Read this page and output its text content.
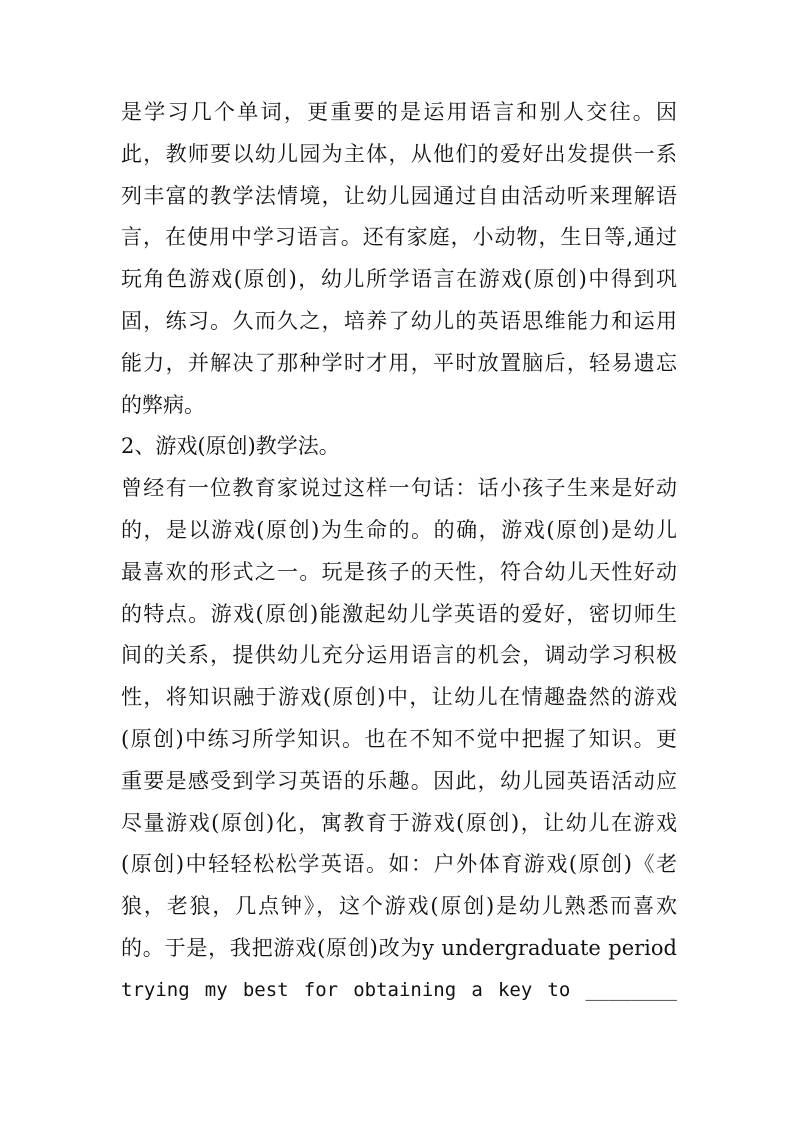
是学习几个单词，更重要的是运用语言和别人交往。因
此，教师要以幼儿园为主体，从他们的爱好出发提供一系
列丰富的教学法情境，让幼儿园通过自由活动听来理解语
言，在使用中学习语言。还有家庭，小动物，生日等,通过
玩角色游戏(原创)，幼儿所学语言在游戏(原创)中得到巩
固，练习。久而久之，培养了幼儿的英语思维能力和运用
能力，并解决了那种学时才用，平时放置脑后，轻易遗忘
的弊病。
2、游戏(原创)教学法。
曾经有一位教育家说过这样一句话：话小孩子生来是好动
的，是以游戏(原创)为生命的。的确，游戏(原创)是幼儿
最喜欢的形式之一。玩是孩子的天性，符合幼儿天性好动
的特点。游戏(原创)能激起幼儿学英语的爱好，密切师生
间的关系，提供幼儿充分运用语言的机会，调动学习积极
性，将知识融于游戏(原创)中，让幼儿在情趣盎然的游戏
(原创)中练习所学知识。也在不知不觉中把握了知识。更
重要是感受到学习英语的乐趣。因此，幼儿园英语活动应
尽量游戏(原创)化，寓教育于游戏(原创)，让幼儿在游戏
(原创)中轻轻松松学英语。如：户外体育游戏(原创)《老
狼，老狼，几点钟》，这个游戏(原创)是幼儿熟悉而喜欢
的。于是，我把游戏(原创)改为y undergraduate period
trying my best for obtaining a key to ________
